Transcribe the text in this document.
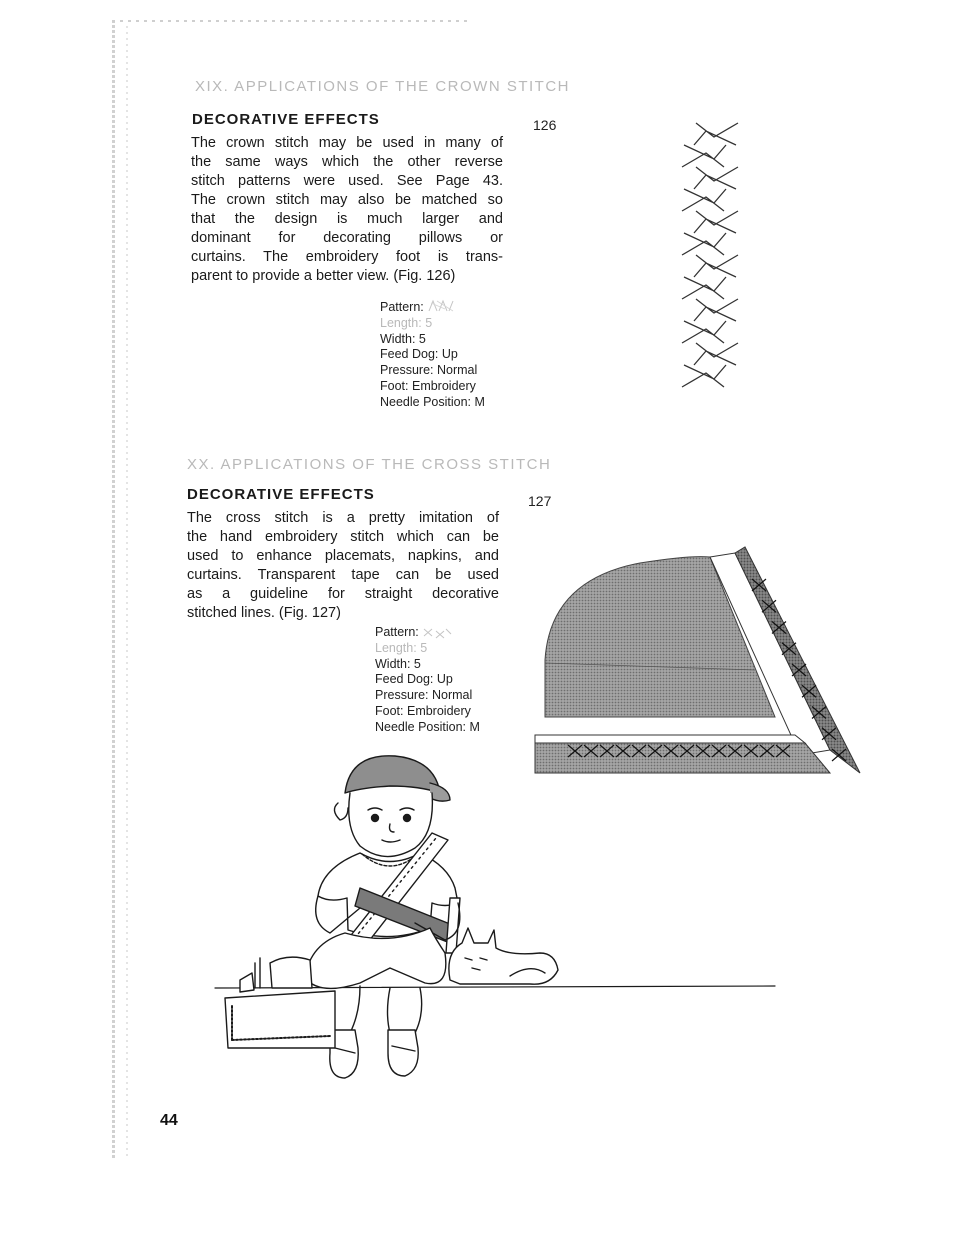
XIX. APPLICATIONS OF THE CROWN STITCH
DECORATIVE EFFECTS	126

The crown stitch may be used in many of

the same ways which the other reverse

stitch patterns were used. See Page 43.

The crown stitch may also be matched so

that the design is much larger and

dominant for decorating pillows or

curtains. The embroidery foot is trans-

parent to provide a better view. (Fig. 126)

Pattern:
Length: 5
Width: 5
Feed Dog: Up
Pressure: Normal
Foot: Embroidery
Needle Position: M
XX. APPLICATIONS OF THE CROSS STITCH
DECORATIVE EFFECTS	127

The cross stitch is a pretty imitation of

the hand embroidery stitch which can be

used to enhance placemats, napkins, and

curtains. Transparent tape can be used

as a guideline for straight decorative

stitched lines. (Fig. 127)

Pattern:
Length: 5
Width: 5
Feed Dog: Up
Pressure: Normal
Foot: Embroidery
Needle Position: M
44
